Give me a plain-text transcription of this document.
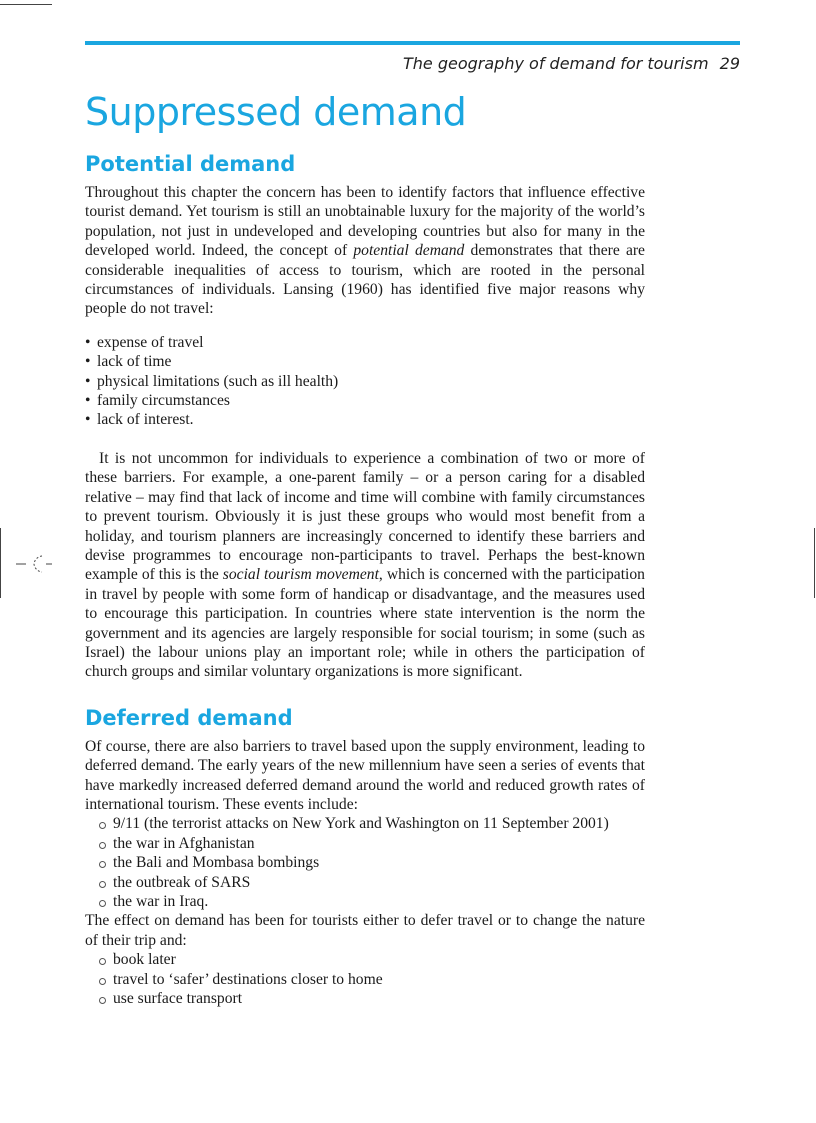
The geography of demand for tourism 29
Suppressed demand
Potential demand

Throughout this chapter the concern has been to identify factors that influence effective tourist demand. Yet tourism is still an unobtainable luxury for the majority of the world’s population, not just in undeveloped and developing countries but also for many in the developed world. Indeed, the concept of potential demand demonstrates that there are considerable inequalities of access to tourism, which are rooted in the personal circumstances of individuals. Lansing (1960) has identified five major reasons why people do not travel:

• expense of travel
• lack of time
• physical limitations (such as ill health)
• family circumstances
• lack of interest.

It is not uncommon for individuals to experience a combination of two or more of these barriers. For example, a one-parent family – or a person caring for a disabled relative – may find that lack of income and time will combine with family circumstances to prevent tourism. Obviously it is just these groups who would most benefit from a holiday, and tourism planners are increasingly concerned to identify these barriers and devise programmes to encourage non-participants to travel. Perhaps the best-known example of this is the social tourism movement, which is concerned with the participation in travel by people with some form of handicap or disadvantage, and the measures used to encourage this participation. In countries where state intervention is the norm the government and its agencies are largely responsible for social tourism; in some (such as Israel) the labour unions play an important role; while in others the participation of church groups and similar voluntary organizations is more significant.

Deferred demand

Of course, there are also barriers to travel based upon the supply environment, leading to deferred demand. The early years of the new millennium have seen a series of events that have markedly increased deferred demand around the world and reduced growth rates of international tourism. These events include:

9/11 (the terrorist attacks on New York and Washington on 11 September 2001)
the war in Afghanistan
the Bali and Mombasa bombings
the outbreak of SARS
the war in Iraq.

The effect on demand has been for tourists either to defer travel or to change the nature of their trip and:

book later
travel to ‘safer’ destinations closer to home
use surface transport
